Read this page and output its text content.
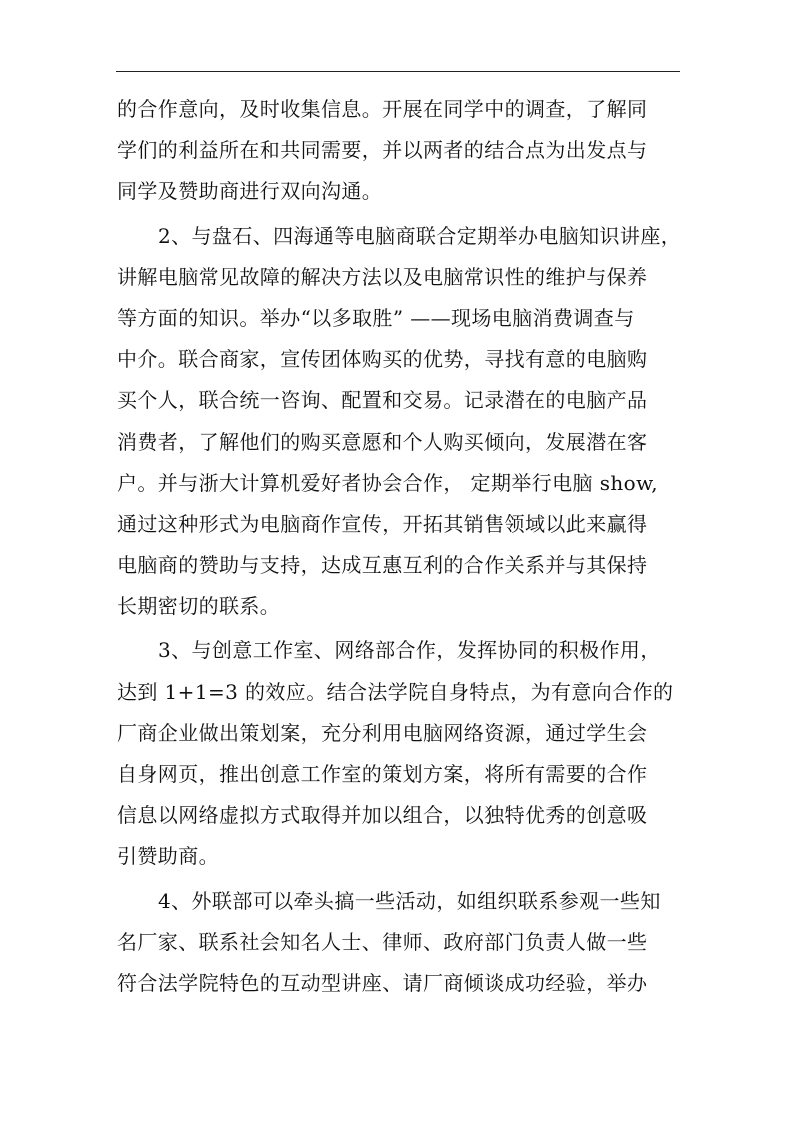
的合作意向，及时收集信息。开展在同学中的调查，了解同
学们的利益所在和共同需要，并以两者的结合点为出发点与
同学及赞助商进行双向沟通。
2、与盘石、四海通等电脑商联合定期举办电脑知识讲座，
讲解电脑常见故障的解决方法以及电脑常识性的维护与保养
等方面的知识。举办“以多取胜” ——现场电脑消费调查与
中介。联合商家，宣传团体购买的优势，寻找有意的电脑购
买个人，联合统一咨询、配置和交易。记录潜在的电脑产品
消费者，了解他们的购买意愿和个人购买倾向，发展潜在客
户。并与浙大计算机爱好者协会合作， 定期举行电脑 show,
通过这种形式为电脑商作宣传，开拓其销售领域以此来赢得
电脑商的赞助与支持，达成互惠互利的合作关系并与其保持
长期密切的联系。
3、与创意工作室、网络部合作，发挥协同的积极作用，
达到 1+1=3 的效应。结合法学院自身特点，为有意向合作的
厂商企业做出策划案，充分利用电脑网络资源，通过学生会
自身网页，推出创意工作室的策划方案，将所有需要的合作
信息以网络虚拟方式取得并加以组合，以独特优秀的创意吸
引赞助商。
4、外联部可以牵头搞一些活动，如组织联系参观一些知
名厂家、联系社会知名人士、律师、政府部门负责人做一些
符合法学院特色的互动型讲座、请厂商倾谈成功经验，举办
